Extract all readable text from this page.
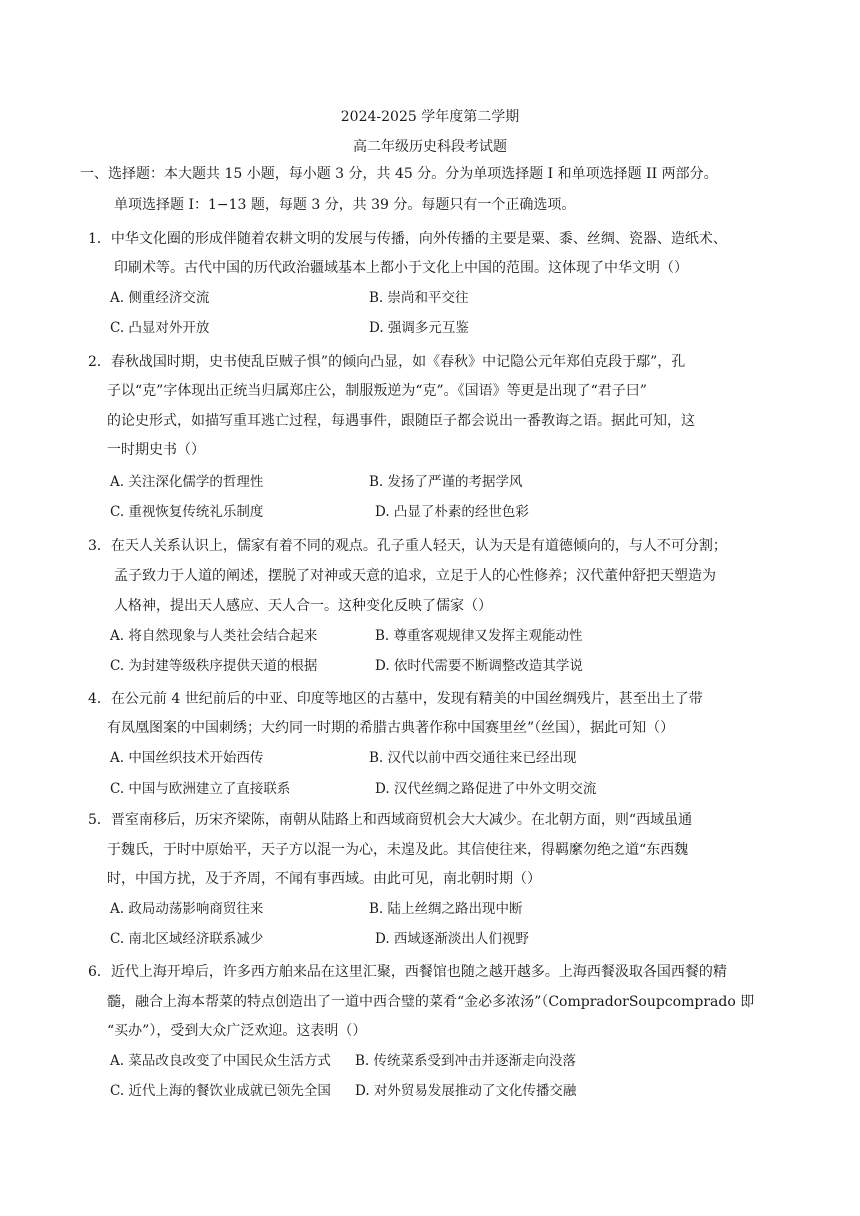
2024-2025 学年度第二学期
高二年级历史科段考试题
一、选择题：本大题共 15 小题，每小题 3 分，共 45 分。分为单项选择题 I 和单项选择题 II 两部分。
单项选择题 I：1−13 题，每题 3 分，共 39 分。每题只有一个正确选项。
1．中华文化圈的形成伴随着农耕文明的发展与传播，向外传播的主要是粟、黍、丝绸、瓷器、造纸术、
印刷术等。古代中国的历代政治疆域基本上都小于文化上中国的范围。这体现了中华文明（）
A. 侧重经济交流	B. 崇尚和平交往
C. 凸显对外开放	D. 强调多元互鉴
2．春秋战国时期，史书使乱臣贼子惧”的倾向凸显，如《春秋》中记隐公元年郑伯克段于鄢”，孔
子以“克”字体现出正统当归属郑庄公，制服叛逆为“克”。《国语》等更是出现了“君子曰”
的论史形式，如描写重耳逃亡过程，每遇事件，跟随臣子都会说出一番教诲之语。据此可知，这
一时期史书（）
A. 关注深化儒学的哲理性	B. 发扬了严谨的考据学风
C. 重视恢复传统礼乐制度	D. 凸显了朴素的经世色彩
3．在天人关系认识上，儒家有着不同的观点。孔子重人轻天，认为天是有道德倾向的，与人不可分割；
孟子致力于人道的阐述，摆脱了对神或天意的追求，立足于人的心性修养；汉代董仲舒把天塑造为
人格神，提出天人感应、天人合一。这种变化反映了儒家（）
A. 将自然现象与人类社会结合起来	B. 尊重客观规律又发挥主观能动性
C. 为封建等级秩序提供天道的根据	D. 依时代需要不断调整改造其学说
4．在公元前 4 世纪前后的中亚、印度等地区的古墓中，发现有精美的中国丝绸残片，甚至出土了带
有凤凰图案的中国刺绣；大约同一时期的希腊古典著作称中国赛里丝”（丝国），据此可知（）
A. 中国丝织技术开始西传	B. 汉代以前中西交通往来已经出现
C. 中国与欧洲建立了直接联系	D. 汉代丝绸之路促进了中外文明交流
5．晋室南移后，历宋齐梁陈，南朝从陆路上和西域商贸机会大大减少。在北朝方面，则“西域虽通
于魏氏，于时中原始平，天子方以混一为心，未遑及此。其信使往来，得羁縻勿绝之道“东西魏
时，中国方扰，及于齐周，不闻有事西域。由此可见，南北朝时期（）
A. 政局动荡影响商贸往来	B. 陆上丝绸之路出现中断
C. 南北区域经济联系减少	D. 西域逐渐淡出人们视野
6．近代上海开埠后，许多西方舶来品在这里汇聚，西餐馆也随之越开越多。上海西餐汲取各国西餐的精
髓，融合上海本帮菜的特点创造出了一道中西合璧的菜肴“金必多浓汤”（CompradorSoupcomprado 即
“买办”），受到大众广泛欢迎。这表明（）
A. 菜品改良改变了中国民众生活方式 B. 传统菜系受到冲击并逐渐走向没落
C. 近代上海的餐饮业成就已领先全国 D. 对外贸易发展推动了文化传播交融
